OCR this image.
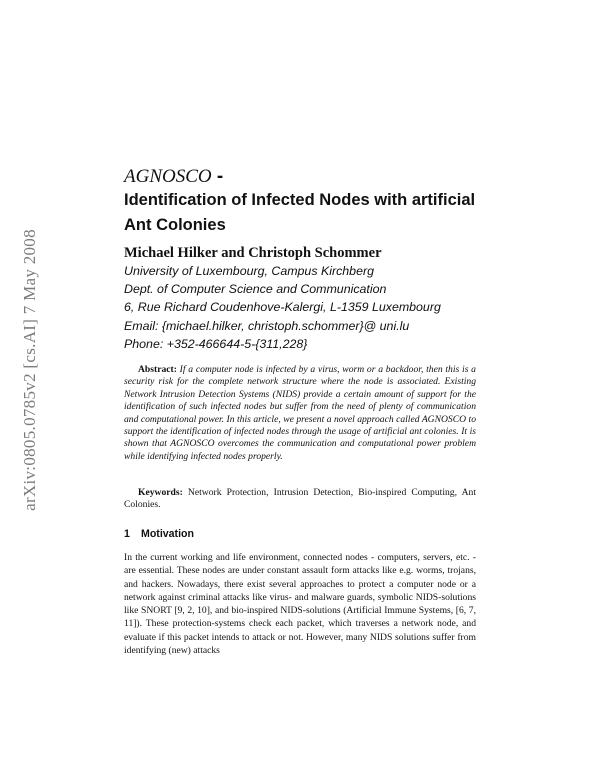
arXiv:0805.0785v2 [cs.AI] 7 May 2008
AGNOSCO -
Identification of Infected Nodes with artificial
Ant Colonies
Michael Hilker and Christoph Schommer
University of Luxembourg, Campus Kirchberg
Dept. of Computer Science and Communication
6, Rue Richard Coudenhove-Kalergi, L-1359 Luxembourg
Email: {michael.hilker, christoph.schommer}@ uni.lu
Phone: +352-466644-5-{311,228}
Abstract: If a computer node is infected by a virus, worm or a backdoor, then this is a security risk for the complete network structure where the node is associated. Existing Network Intrusion Detection Systems (NIDS) provide a certain amount of support for the identification of such infected nodes but suffer from the need of plenty of communication and computational power. In this article, we present a novel approach called AGNOSCO to support the identification of infected nodes through the usage of artificial ant colonies. It is shown that AGNOSCO overcomes the communication and computational power problem while identifying infected nodes properly.
Keywords: Network Protection, Intrusion Detection, Bio-inspired Computing, Ant Colonies.
1 Motivation
In the current working and life environment, connected nodes - computers, servers, etc. - are essential. These nodes are under constant assault form attacks like e.g. worms, trojans, and hackers. Nowadays, there exist several approaches to protect a computer node or a network against criminal attacks like virus- and malware guards, symbolic NIDS-solutions like SNORT [9, 2, 10], and bio-inspired NIDS-solutions (Artificial Immune Systems, [6, 7, 11]). These protection-systems check each packet, which traverses a network node, and evaluate if this packet intends to attack or not. However, many NIDS solutions suffer from identifying (new) attacks
